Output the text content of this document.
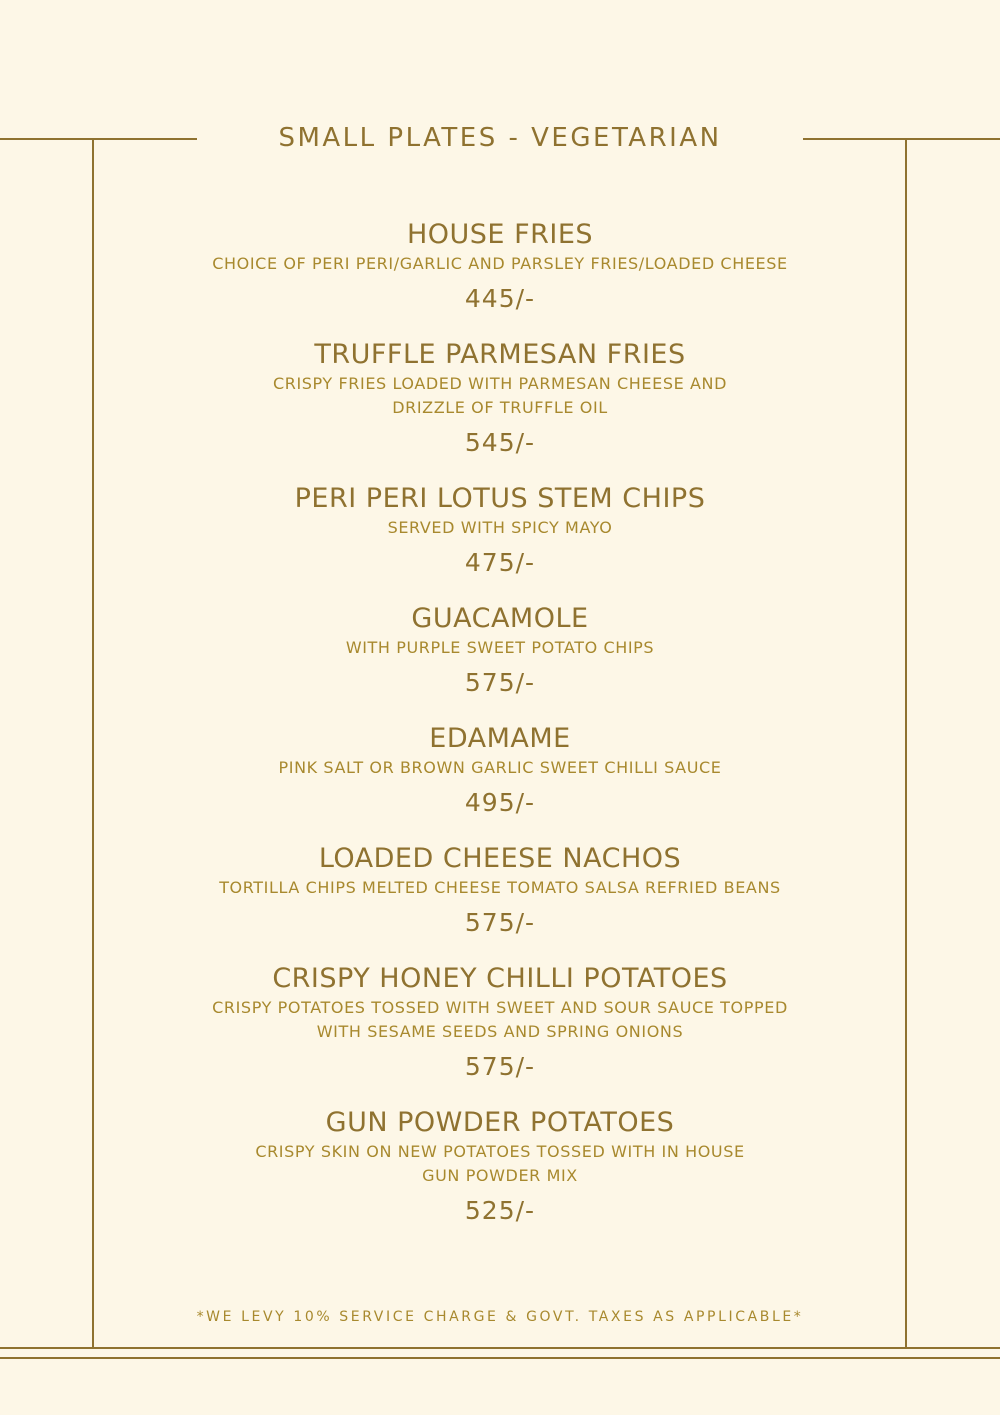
SMALL PLATES - VEGETARIAN
HOUSE FRIES
CHOICE OF PERI PERI/GARLIC AND PARSLEY FRIES/LOADED CHEESE
445/-
TRUFFLE PARMESAN FRIES
CRISPY FRIES LOADED WITH PARMESAN CHEESE AND
DRIZZLE OF TRUFFLE OIL
545/-
PERI PERI LOTUS STEM CHIPS
SERVED WITH SPICY MAYO
475/-
GUACAMOLE
WITH PURPLE SWEET POTATO CHIPS
575/-
EDAMAME
PINK SALT OR BROWN GARLIC SWEET CHILLI SAUCE
495/-
LOADED CHEESE NACHOS
TORTILLA CHIPS MELTED CHEESE TOMATO SALSA REFRIED BEANS
575/-
CRISPY HONEY CHILLI POTATOES
CRISPY POTATOES TOSSED WITH SWEET AND SOUR SAUCE TOPPED
WITH SESAME SEEDS AND SPRING ONIONS
575/-
GUN POWDER POTATOES
CRISPY SKIN ON NEW POTATOES TOSSED WITH IN HOUSE
GUN POWDER MIX
525/-
*WE LEVY 10% SERVICE CHARGE & GOVT. TAXES AS APPLICABLE*
